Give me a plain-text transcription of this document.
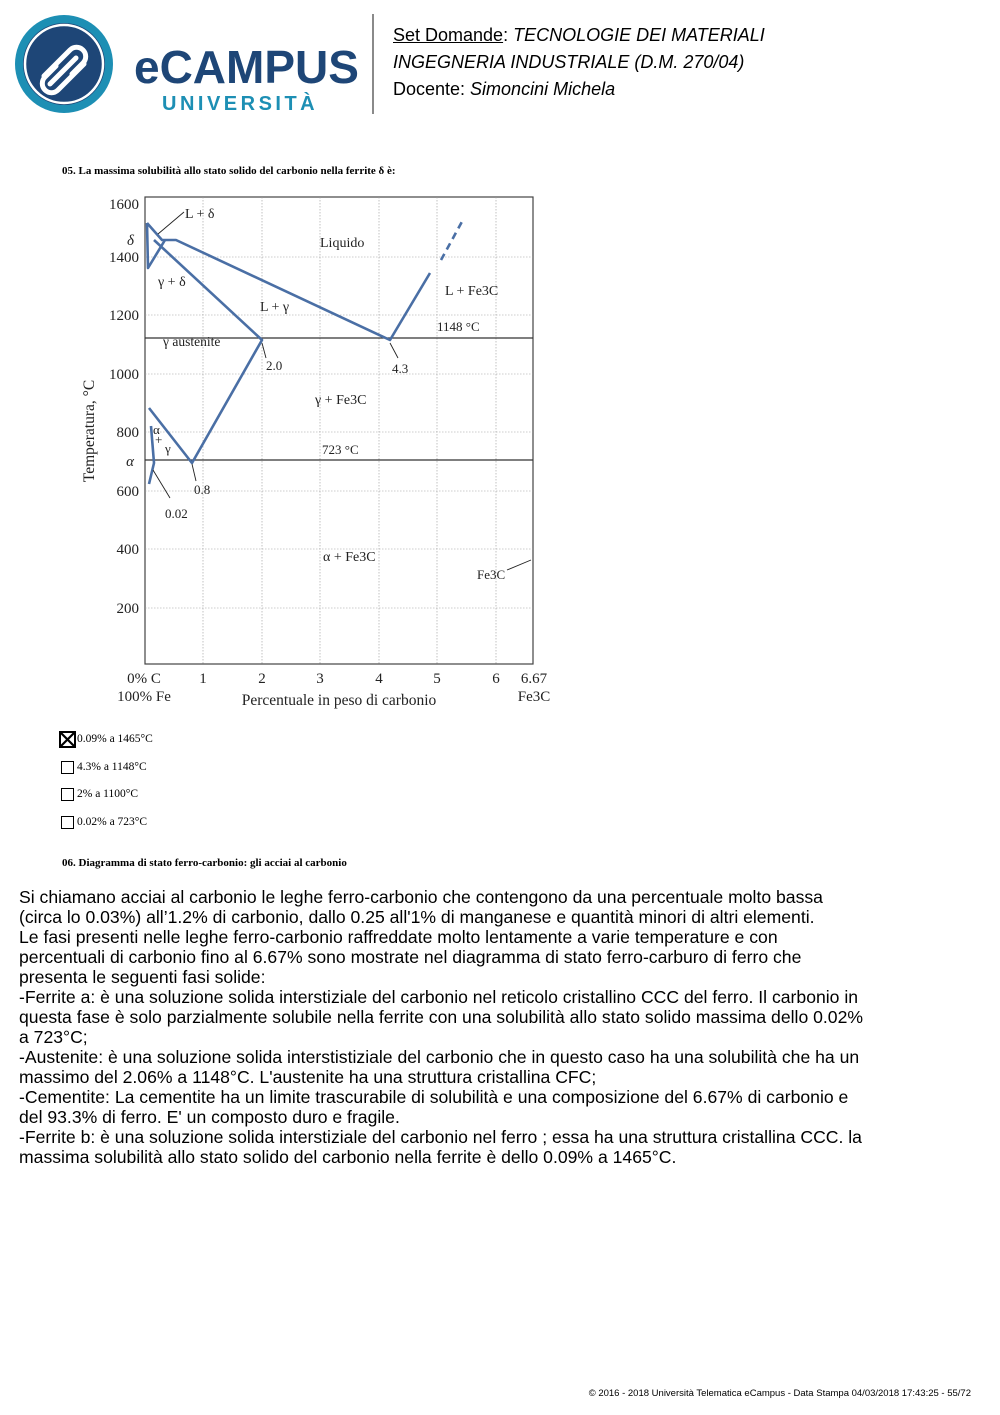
eCAMPUS
UNIVERSITÀ
Set Domande: TECNOLOGIE DEI MATERIALI
INGEGNERIA INDUSTRIALE (D.M. 270/04)
Docente: Simoncini Michela
05. La massima solubilità allo stato solido del carbonio nella ferrite δ è:
1600
1400
1200
1000
800
600
400
200
δ
α
1	2	3	4	5	6 6.67
0% C
100% Fe	Fe3C
Percentuale in peso di carbonio
Temperatura, °C
L + δ
Liquido
γ + δ
L + γ
L + Fe3C
1148 °C
γ austenite
2.0	4.3
γ + Fe3C
723 °C
α
+
γ
0.8
0.02
α + Fe3C
Fe3C
0.09% a 1465°C
4.3% a 1148°C
2% a 1100°C
0.02% a 723°C
06. Diagramma di stato ferro-carbonio: gli acciai al carbonio
Si chiamano acciai al carbonio le leghe ferro-carbonio che contengono da una percentuale molto bassa
(circa lo 0.03%) all’1.2% di carbonio, dallo 0.25 all'1% di manganese e quantità minori di altri elementi.
Le fasi presenti nelle leghe ferro-carbonio raffreddate molto lentamente a varie temperature e con
percentuali di carbonio fino al 6.67% sono mostrate nel diagramma di stato ferro-carburo di ferro che
presenta le seguenti fasi solide:
-Ferrite a: è una soluzione solida interstiziale del carbonio nel reticolo cristallino CCC del ferro. Il carbonio in
questa fase è solo parzialmente solubile nella ferrite con una solubilità allo stato solido massima dello 0.02%
a 723°C;
-Austenite: è una soluzione solida interstistiziale del carbonio che in questo caso ha una solubilità che ha un
massimo del 2.06% a 1148°C. L'austenite ha una struttura cristallina CFC;
-Cementite: La cementite ha un limite trascurabile di solubilità e una composizione del 6.67% di carbonio e
del 93.3% di ferro. E' un composto duro e fragile.
-Ferrite b: è una soluzione solida interstiziale del carbonio nel ferro ; essa ha una struttura cristallina CCC. la
massima solubilità allo stato solido del carbonio nella ferrite è dello 0.09% a 1465°C.
© 2016 - 2018 Università Telematica eCampus - Data Stampa 04/03/2018 17:43:25 - 55/72
